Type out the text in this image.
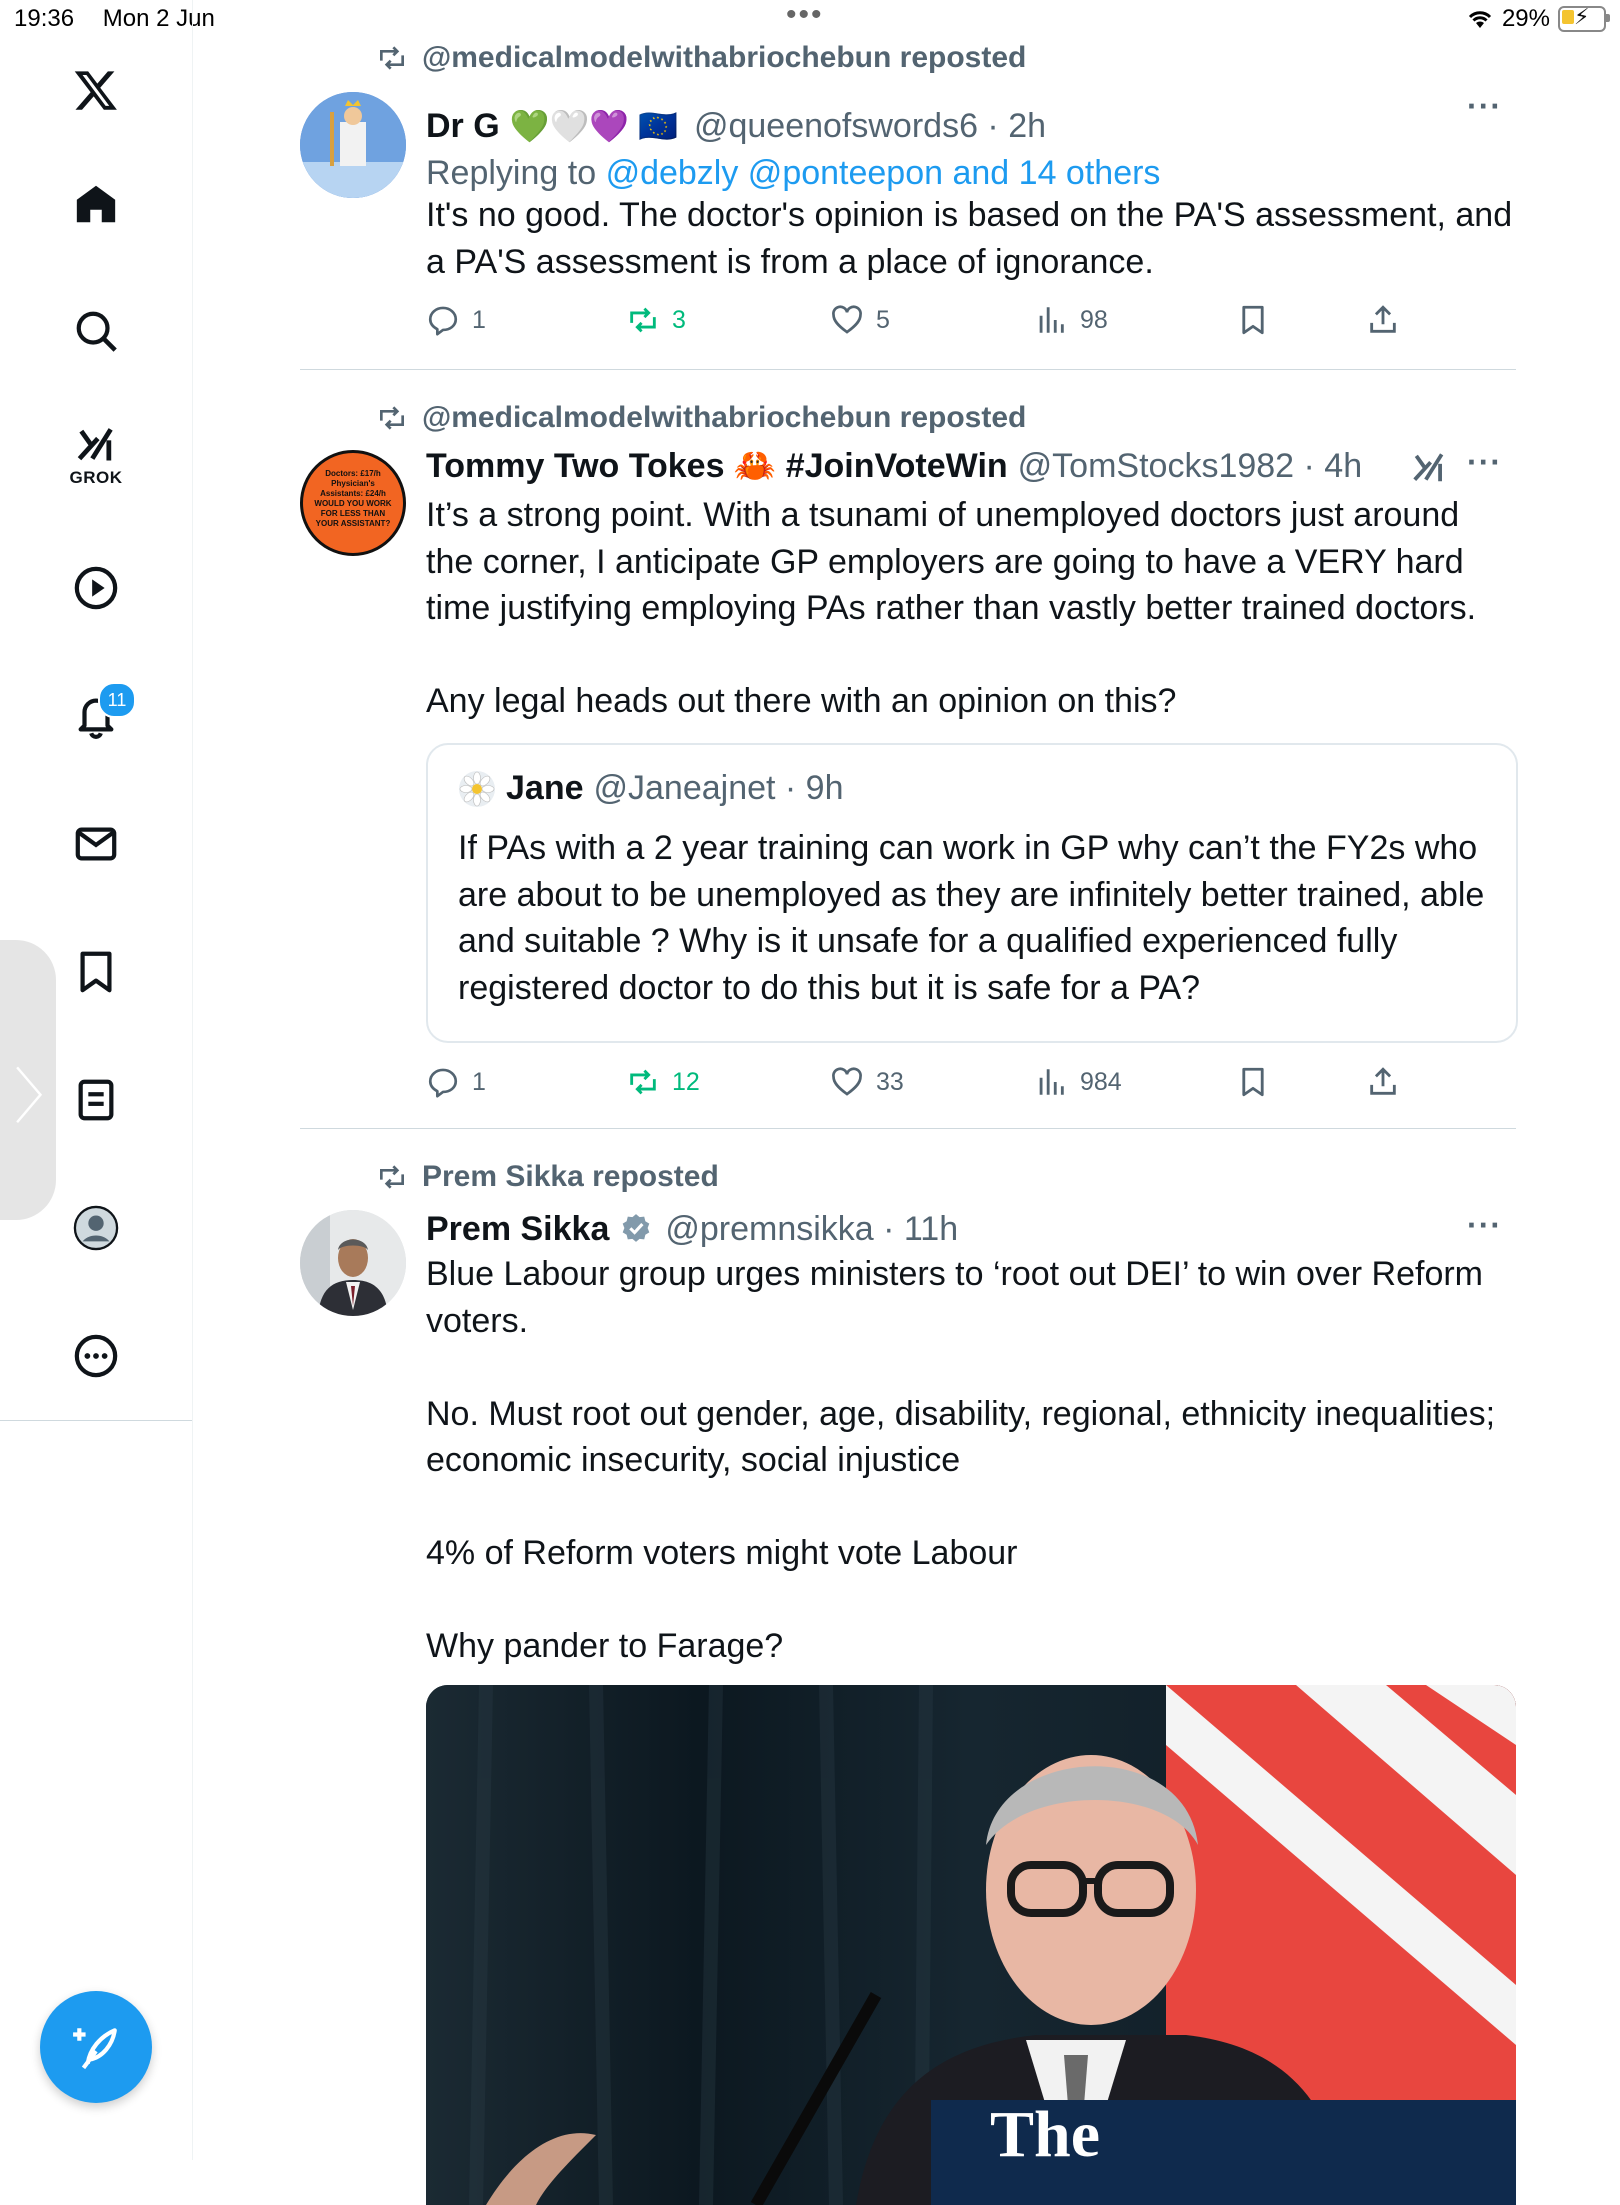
19:36 Mon 2 Jun	•••	29% ⚡
GROK
11
〉
@medicalmodelwithabriochebun reposted
Dr G 💚🤍💜 🇪🇺 @queenofswords6 · 2h
···
Replying to @debzly @ponteepon and 14 others
It's no good. The doctor's opinion is based on the PA'S assessment, and
a PA'S assessment is from a place of ignorance.
1	3	5	98
@medicalmodelwithabriochebun reposted
Doctors: £17/h
Physician's Assistants: £24/h
WOULD YOU WORK FOR LESS THAN YOUR ASSISTANT?
Tommy Two Tokes 🦀 #JoinVoteWin @TomStocks1982 · 4h	···
It’s a strong point. With a tsunami of unemployed doctors just around
the corner, I anticipate GP employers are going to have a VERY hard
time justifying employing PAs rather than vastly better trained doctors.

Any legal heads out there with an opinion on this?
Jane @Janeajnet · 9h
If PAs with a 2 year training can work in GP why can’t the FY2s who are about to be unemployed as they are infinitely better trained, able and suitable ? Why is it unsafe for a qualified experienced fully registered doctor to do this but it is safe for a PA?
1	12	33	984
Prem Sikka reposted
Prem Sikka @premnsikka · 11h	···
Blue Labour group urges ministers to ‘root out DEI’ to win over Reform
voters.

No. Must root out gender, age, disability, regional, ethnicity inequalities;
economic insecurity, social injustice

4% of Reform voters might vote Labour

Why pander to Farage?
The
